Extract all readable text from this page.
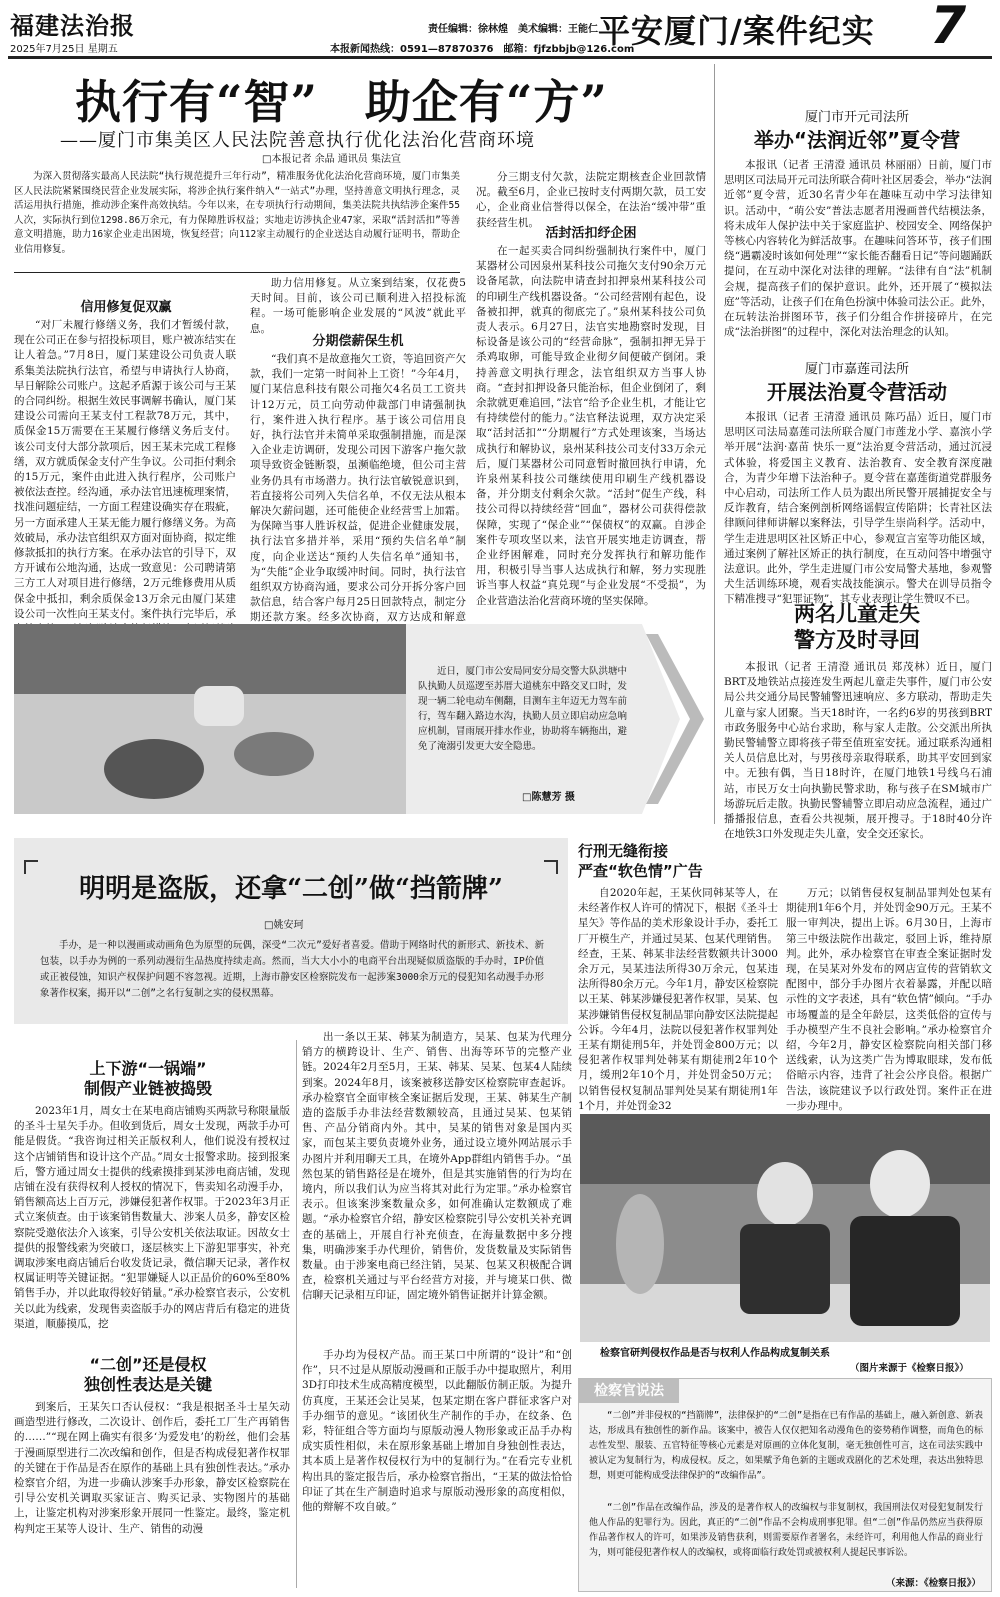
福建法治报
2025年7月25日 星期五
责任编辑：徐林煌　美术编辑：王能仁
本报新闻热线：0591—87870376　邮箱：fjfzbbjb@126.com
平安厦门/案件纪实 7
执行有“智”　助企有“方”
——厦门市集美区人民法院善意执行优化法治化营商环境
□本报记者 余晶 通讯员 集法宣
为深入贯彻落实最高人民法院“执行规范提升三年行动”，精准服务优化法治化营商环境，厦门市集美区人民法院紧紧围绕民营企业发展实际，将涉企执行案件纳入“一站式”办理，坚持善意文明执行理念，灵活运用执行措施，推动涉企案件高效执结。今年以来，在专项执行行动期间，集美法院共执结涉企案件55人次，实际执行到位1298.86万余元，有力保障胜诉权益；实地走访涉执企业47家，采取“活封活扣”等善意文明措施，助力16家企业走出困境，恢复经营；向112家主动履行的企业送达自动履行证明书，帮助企业信用修复。
信用修复促双赢
“对厂未履行修缮义务，我们才暂缓付款，现在公司正在参与招投标项目，账户被冻结实在让人着急。”7月8日，厦门某建设公司负责人联系集美法院执行法官，希望与申请执行人协商，早日解除公司账户。这起矛盾源于该公司与王某的合同纠纷。根据生效民事调解书确认，厦门某建设公司需向王某支付工程款78万元，其中，质保金15万需要在王某履行修缮义务后支付。该公司支付大部分款项后，因王某未完成工程修缮，双方就质保金支付产生争议。公司拒付剩余的15万元，案件由此进入执行程序，公司账户被依法查控。经沟通，承办法官迅速梳理案情，找准问题症结，一方面工程建设确实存在瑕疵，另一方面承建人王某无能力履行修缮义务。为高效破局，承办法官组织双方面对面协商，拟定维修款抵扣的执行方案。在承办法官的引导下，双方开诚布公地沟通，达成一致意见：公司聘请第三方工人对项目进行修缮，2万元维修费用从质保金中抵扣，剩余质保金13万余元由厦门某建设公司一次性向王某支付。案件执行完毕后，承
助力信用修复。从立案到结案，仅花费5天时间。目前，该公司已顺利进入招投标流程。一场可能影响企业发展的“风波”就此平息。
分期偿薪保生机
“我们真不是故意拖欠工资，等追回资产欠款，我们一定第一时间补上工资！”今年4月，厦门某信息科技有限公司拖欠4名员工工资共计12万元，员工向劳动仲裁部门申请强制执行，案件进入执行程序。基于该公司信用良好，执行法官并未简单采取强制措施，而是深入企业走访调研，发现公司因下游客户拖欠款项导致资金链断裂，虽濒临绝境，但公司主营业务仍具有市场潜力。执行法官敏锐意识到，若直接将公司列入失信名单，不仅无法从根本解决欠薪问题，还可能使企业经营雪上加霜。为保障当事人胜诉权益，促进企业健康发展，执行法官多措并举，采用“预约失信名单”制度，向企业送达“预约人失信名单”通知书，为“失能”企业争取缓冲时间。同时，执行法官组织双方协商沟通，要求公司分开拆分客户回款信息，结合客户每月25日回款特点，制定分期还款方案。经多次协商，双方达成和解意
分三期支付欠款，法院定期核查企业回款情况。截至6月，企业已按时支付两期欠款，员工安心，企业商业信誉得以保全，在法治“缓冲带”重获经营生机。
活封活扣纾企困
在一起买卖合同纠纷强制执行案件中，厦门某器材公司因泉州某科技公司拖欠支付90余万元设备尾款，向法院申请查封扣押泉州某科技公司的印刷生产线机器设备。“公司经营刚有起色，设备被扣押，就真的彻底完了。”泉州某科技公司负责人表示。6月27日，法官实地勘察时发现，目标设备是该公司的“经营命脉”，强制扣押无异于杀鸡取卵，可能导致企业彻夕间便破产倒闭。秉持善意文明执行理念，法官组织双方当事人协商。“查封扣押设备只能治标，但企业倒闭了，剩余款就更难追回，”法官“给予企业生机，才能让它有持续偿付的能力。”法官释法说理，双方决定采取“活封活扣”“分期履行”方式处理该案，当场达成执行和解协议，泉州某科技公司支付33万余元后，厦门某器材公司同意暂时撤回执行申请，允许泉州某科技公司继续使用印刷生产线机器设备，并分期支付剩余欠款。“活封”促生产线，科技公司得以持续经营“回血”，器材公司获得偿款保障，实现了“保企业”“保债权”的双赢。自涉企案件专项攻坚以来，法官开展实地走访调查，帮企业纾困解难，同时充分发挥执行和解功能作用，积极引导当事人达成执行和解，努力实现胜诉当事人权益“真兑现”与企业发展“不受损”，为企业营造法治化营商环境的坚实保障。
厦门市开元司法所
举办“法润近邻”夏令营
本报讯（记者 王清澄 通讯员 林丽丽）日前，厦门市思明区司法局开元司法所联合荷叶社区居委会，举办“法润近邻”夏令营，近30名青少年在趣味互动中学习法律知识。活动中，“萌公安”普法志愿者用漫画普代结模法条，将未成年人保护法中关于家庭监护、校园安全、网络保护等核心内容转化为鲜活故事。在趣味问答环节，孩子们围绕“遇霸凌时该如何处理”“家长能否翻看日记”等问题踊跃提问，在互动中深化对法律的理解。“法律有自“法”机制会规，提高孩子们的保护意识。此外，还开展了“模拟法庭”等活动，让孩子们在角色扮演中体验司法公正。此外，在玩转法治拼图环节，孩子们分组合作拼接碎片，在完成“法治拼图”的过程中，深化对法治理念的认知。
厦门市嘉莲司法所
开展法治夏令营活动
本报讯（记者 王清澄 通讯员 陈巧晶）近日，厦门市思明区司法局嘉莲司法所联合厦门市莲龙小学、嘉滨小学举开展“法润·嘉苗 快乐一夏”法治夏令营活动，通过沉浸式体验，将爱国主义教育、法治教育、安全教育深度融合，为青少年增下法治种子。夏令营在嘉莲街道党群服务中心启动，司法所工作人员为跟出所民警开展捕捉安全与反诈教育，结合案例剖析网络谣假宣传陷阱；长青社区法律顾问律师讲解以案释法，引导学生崇尚科学。活动中，学生走进思明区社区矫正中心，参观宣言室等功能区域，通过案例了解社区矫正的执行制度，在互动问答中增强守法意识。此外，学生走进厦门市公安局警犬基地，参观警犬生活训练环境，观看实战技能演示。警犬在训导员指令下精准搜寻“犯罪证物”，其专业表现让学生赞叹不已。
两名儿童走失
警方及时寻回
本报讯（记者 王清澄 通讯员 郑茂林）近日，厦门BRT及地铁站点接连发生两起儿童走失事件，厦门市公安局公共交通分局民警辅警迅速响应、多方联动，帮助走失儿童与家人团聚。当天18时许，一名约6岁的男孩到BRT市政务服务中心站台求助，称与家人走散。公交派出所执勤民警辅警立即将孩子带至值班室安抚。通过联系沟通相关人员信息比对，与男孩母亲取得联系，助其平安回到家中。无独有偶，当日18时许，在厦门地铁1号线乌石浦站，市民万女士向执勤民警求助，称与孩子在SM城市广场游玩后走散。执勤民警辅警立即启动应急流程，通过广播播报信息，查看公共视频，展开搜寻。于18时40分许在地铁3口外发现走失儿童，安全交还家长。
近日，厦门市公安局同安分局交警大队洪塘中队执勤人员巡逻至苏厝大道桃东中路交叉口时，发现一辆二轮电动车侧翻，目测车主年迈无力驾车前行，驾车翻入路边水沟，执勤人员立即启动应急响应机制，冒雨展开排水作业，协助将车辆拖出，避免了淹溺引发更大安全隐患。
□陈慧芳 摄
明明是盗版，还拿“二创”做“挡箭牌”
□姚安珂
手办，是一种以漫画或动画角色为原型的玩偶，深受“二次元”爱好者喜爱。借助于网络时代的新形式、新技术、新包装，以手办为例的一系列动漫衍生品热度持续走高。然而，当大大小小的电商平台出现疑似质盗版的手办时，IP价值或正被侵蚀，知识产权保护问题不容忽视。近期，上海市静安区检察院发布一起涉案3000余万元的侵犯知名动漫手办形象著作权案，揭开以“二创”之名行复制之实的侵权黑幕。
上下游“一锅端”
制假产业链被捣毁
2023年1月，周女士在某电商店铺购买两款号称限量版的圣斗士星矢手办。但收到货后，周女士发现，两款手办可能是假货。“我咨询过相关正版权利人，他们说没有授权过这个店铺销售和设计这个产品。”周女士报警求助。接到报案后，警方通过周女士提供的线索摸排到某涉电商店铺，发现店铺在没有获得权利人授权的情况下，售卖知名动漫手办，销售额高达上百万元，涉嫌侵犯著作权罪。于2023年3月正式立案侦查。由于该案销售数量大、涉案人员多，静安区检察院受邀依法介入该案，引导公安机关依法取证。因故女士提供的报警线索为突破口，逐层核实上下游犯罪事实，补充调取涉案电商店铺后台收发货记录，微信聊天记录，著作权权属证明等关键证据。“犯罪嫌疑人以正品价的60%至80%销售手办，并以此取得较好销量。”承办检察官表示，公安机关以此为线索，发现售卖盗版手办的网店背后有稳定的进货渠道，顺藤摸瓜，挖
出一条以王某、韩某为制造方，吴某、包某为代理分销方的横跨设计、生产、销售、出海等环节的完整产业链。2024年2月至5月，王某、韩某、吴某、包某4人陆续到案。2024年8月，该案被移送静安区检察院审查起诉。承办检察官全面审核全案证据后发现，王某、韩某生产制造的盗版手办非法经营数额较高，且通过吴某、包某销售、产品分销商内外。其中，吴某的销售对象是国内买家，而包某主要负责境外业务，通过设立境外网站展示手办图片并利用聊天工具，在境外App群组内销售手办。“虽然包某的销售路径是在境外，但是其实施销售的行为均在境内，所以我们认为应当将其对此行为定罪。”承办检察官表示。但该案涉案数量众多，如何准确认定数额成了难题。“承办检察官介绍，静安区检察院引导公安机关补充调查的基础上，开展自行补充侦查，在海量数据中多分搜集，明确涉案手办代理价，销售价，发货数量及实际销售数量。由于涉案电商已经注销，吴某、包某又积极配合调查，检察机关通过与平台经营方对接，并与境某口供、微信聊天记录相互印证，固定境外销售证据并计算金额。
“二创”还是侵权
独创性表达是关键
到案后，王某矢口否认侵权：“我是根据圣斗士星矢动画造型进行修改，二次设计、创作后，委托工厂生产再销售的……”“现在网上确实有很多‘为爱发电’的粉丝，他们会基于漫画原型进行二次改编和创作，但是否构成侵犯著作权罪的关键在于作品是否在原作的基础上具有独创性表达。”承办检察官介绍，为进一步确认涉案手办形象，静安区检察院在引导公安机关调取买家证言、购买记录、实物图片的基础上，让鉴定机构对涉案形象开展同一性鉴定。最终，鉴定机构判定王某等人设计、生产、销售的动漫
手办均为侵权产品。而王某口中所谓的“设计”和“创作”，只不过是从原版动漫画和正版手办中提取照片，利用3D打印技术生成高精度模型，以此翻版仿制正版。为提升仿真度，王某还会让吴某，包某定期在客户群征求客户对手办细节的意见。“该团伙生产制作的手办，在纹条、色彩，特征组合等方面均与原版动漫人物形象或正品手办构成实质性相似，未在原形象基础上增加自身独创性表达，其本质上是著作权侵权行为中的复制行为。”在看完专业机构出具的鉴定报告后，承办检察官指出，“王某的做法恰恰印证了其在生产制造时追求与原版动漫形象的高度相似，他的辩解不攻自破。”
行刑无缝衔接
严查“软色情”广告
自2020年起，王某伙同韩某等人，在未经著作权人许可的情况下，根据《圣斗士星矢》等作品的美术形象设计手办，委托工厂开模生产，并通过吴某、包某代理销售。经查，王某、韩某非法经营数额共计3000余万元，吴某违法所得30万余元，包某违法所得80余万元。今年1月，静安区检察院以王某、韩某涉嫌侵犯著作权罪，吴某、包某涉嫌销售侵权复制品罪向静安区法院提起公诉。今年4月，法院以侵犯著作权罪判处王某有期徒刑5年，并处罚金800万元；以侵犯著作权罪判处韩某有期徒刑2年10个月，缓刑2年10个月，并处罚金50万元；以销售侵权复制品罪判处吴某有期徒刑1年1个月，并处罚金32
万元；以销售侵权复制品罪判处包某有期徒刑1年6个月，并处罚金90万元。王某不服一审判决，提出上诉。6月30日，上海市第三中级法院作出裁定，驳回上诉，维持原判。此外，承办检察官在审查全案证据时发现，在吴某对外发布的网店宣传的营销软文配图中，部分手办图片衣着暴露，并配以暗示性的文字表述，具有“软色情”倾向。“手办市场覆盖的是全年龄层，这类低俗的宣传与手办模型产生不良社会影响。”承办检察官介绍，今年2月，静安区检察院向相关部门移送线索，认为这类广告为博取眼球，发布低俗暗示内容，违背了社会公序良俗。根据广告法，该院建议予以行政处罚。案件正在进一步办理中。
检察官研判侵权作品是否与权利人作品构成复制关系
（图片来源于《检察日报》）
检察官说法
“二创”并非侵权的“挡箭牌”，法律保护的“二创”是指在已有作品的基础上，融入新创意、新表达，形成具有独创性的新作品。该案中，被告人仅仅把知名动漫角色的姿势稍作调整，而角色的标志性发型、服装、五官特征等核心元素是对原画的立体化复制，毫无独创性可言，这在司法实践中被认定为复制行为，构成侵权。反之，如果赋予角色新的主题或戏剧化的艺术处理，表达出独特思想，则更可能构成受法律保护的“改编作品”。
“二创”作品在改编作品，涉及的是著作权人的改编权与非复制权，我国刑法仅对侵犯复制发行他人作品的犯罪行为。因此，真正的“二创”作品不会构成刑事犯罪。但“二创”作品仍然应当获得原作品著作权人的许可，如果涉及销售获利，则需要原作者署名，未经许可，利用他人作品的商业行为，则可能侵犯著作权人的改编权，或将面临行政处罚或被权利人提起民事诉讼。
（来源：《检察日报》）
